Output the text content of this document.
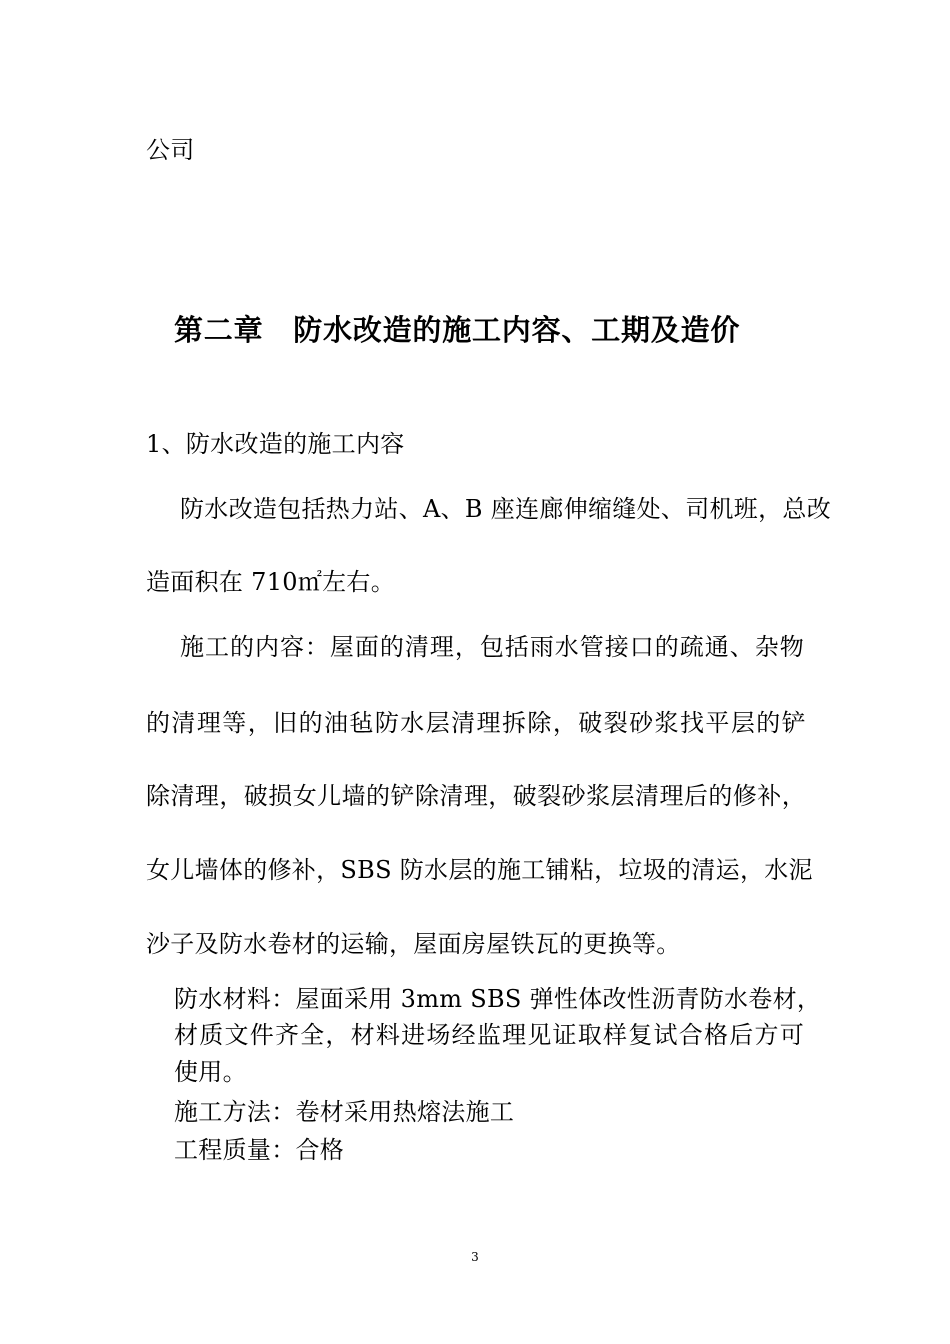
公司
第二章　防水改造的施工内容、工期及造价
1、防水改造的施工内容
防水改造包括热力站、A、B 座连廊伸缩缝处、司机班，总改
造面积在 710㎡左右。
施工的内容：屋面的清理，包括雨水管接口的疏通、杂物
的清理等，旧的油毡防水层清理拆除，破裂砂浆找平层的铲
除清理，破损女儿墙的铲除清理，破裂砂浆层清理后的修补，
女儿墙体的修补，SBS 防水层的施工铺粘，垃圾的清运，水泥
沙子及防水卷材的运输，屋面房屋铁瓦的更换等。
防水材料：屋面采用 3mm SBS 弹性体改性沥青防水卷材，
材质文件齐全，材料进场经监理见证取样复试合格后方可
使用。
施工方法：卷材采用热熔法施工
工程质量：合格
3
